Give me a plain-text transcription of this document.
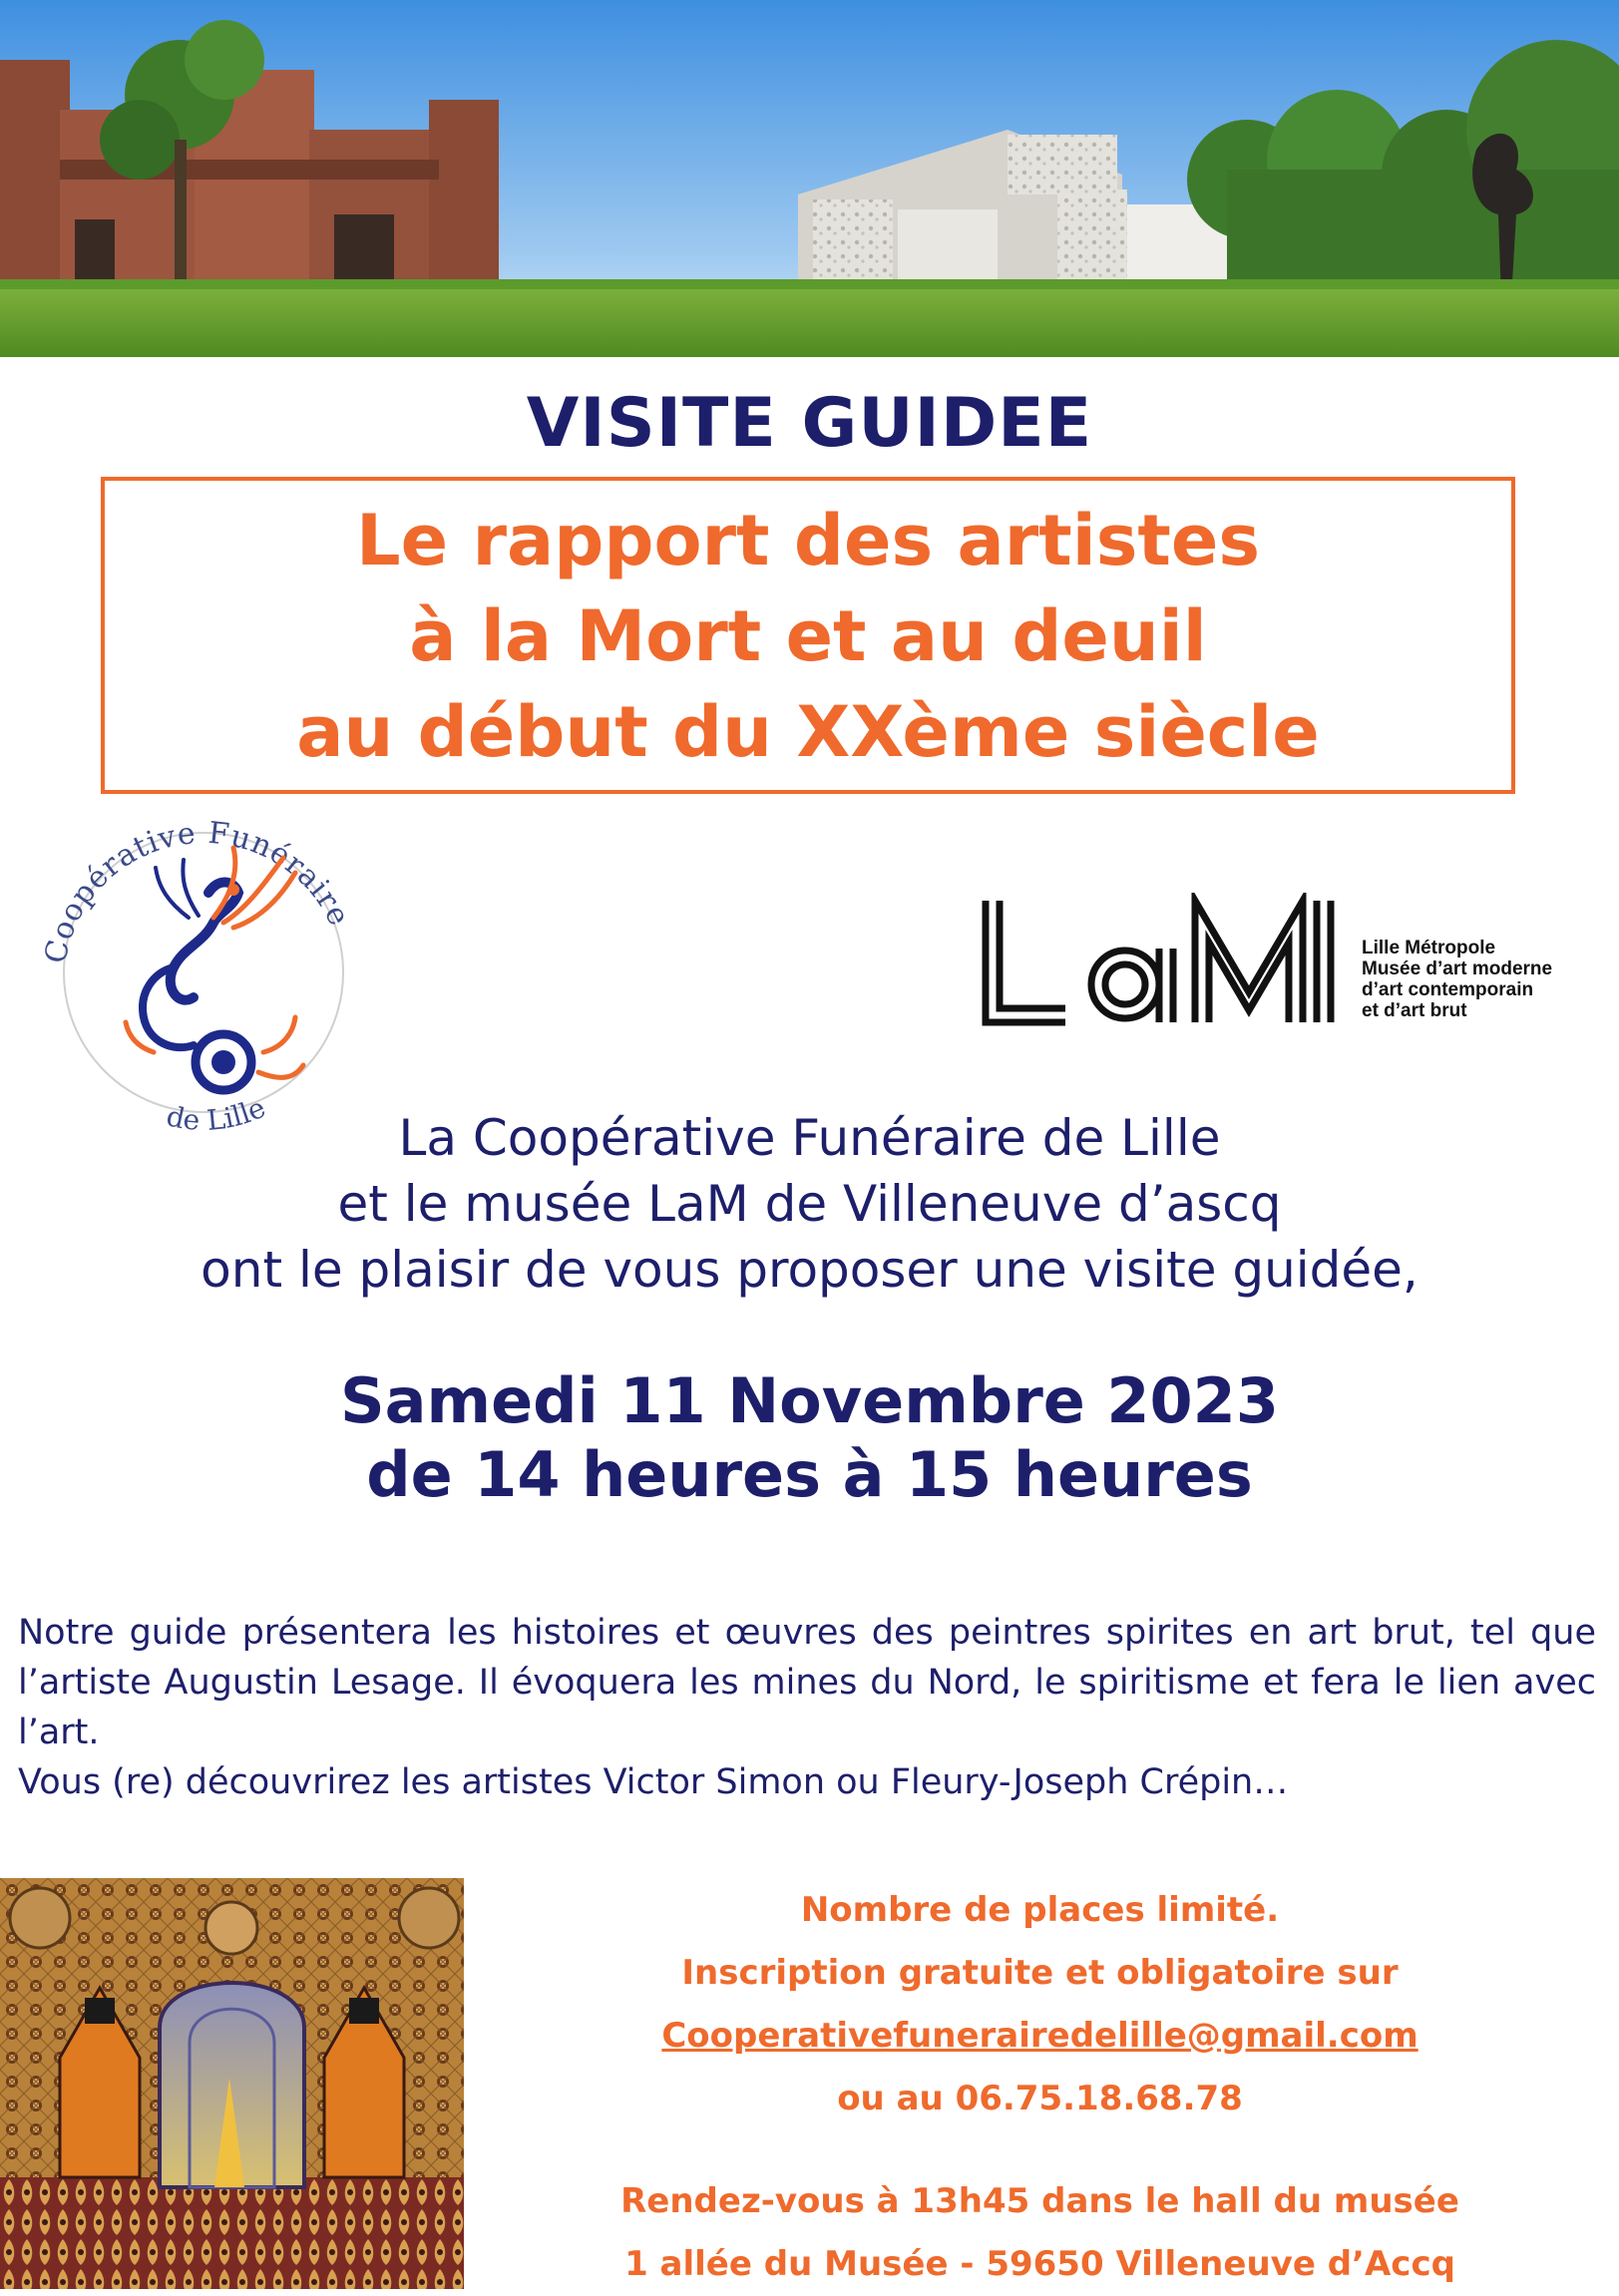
VISITE GUIDEE
Le rapport des artistes
à la Mort et au deuil
au début du XXème siècle
Coopérative Funéraire
de Lille
Lille Métropole
Musée d’art moderne
d’art contemporain
et d’art brut
La Coopérative Funéraire de Lille
et le musée LaM de Villeneuve d’ascq
ont le plaisir de vous proposer une visite guidée,
Samedi 11 Novembre 2023
de 14 heures à 15 heures
Notre guide présentera les histoires et œuvres des peintres spirites en art brut, tel que l’artiste Augustin Lesage. Il évoquera les mines du Nord, le spiritisme et fera le lien avec l’art.
Vous (re) découvrirez les artistes Victor Simon ou Fleury-Joseph Crépin…
Nombre de places limité.
Inscription gratuite et obligatoire sur
Cooperativefunerairedelille@gmail.com
ou au 06.75.18.68.78
Rendez-vous à 13h45 dans le hall du musée
1 allée du Musée - 59650 Villeneuve d’Accq
